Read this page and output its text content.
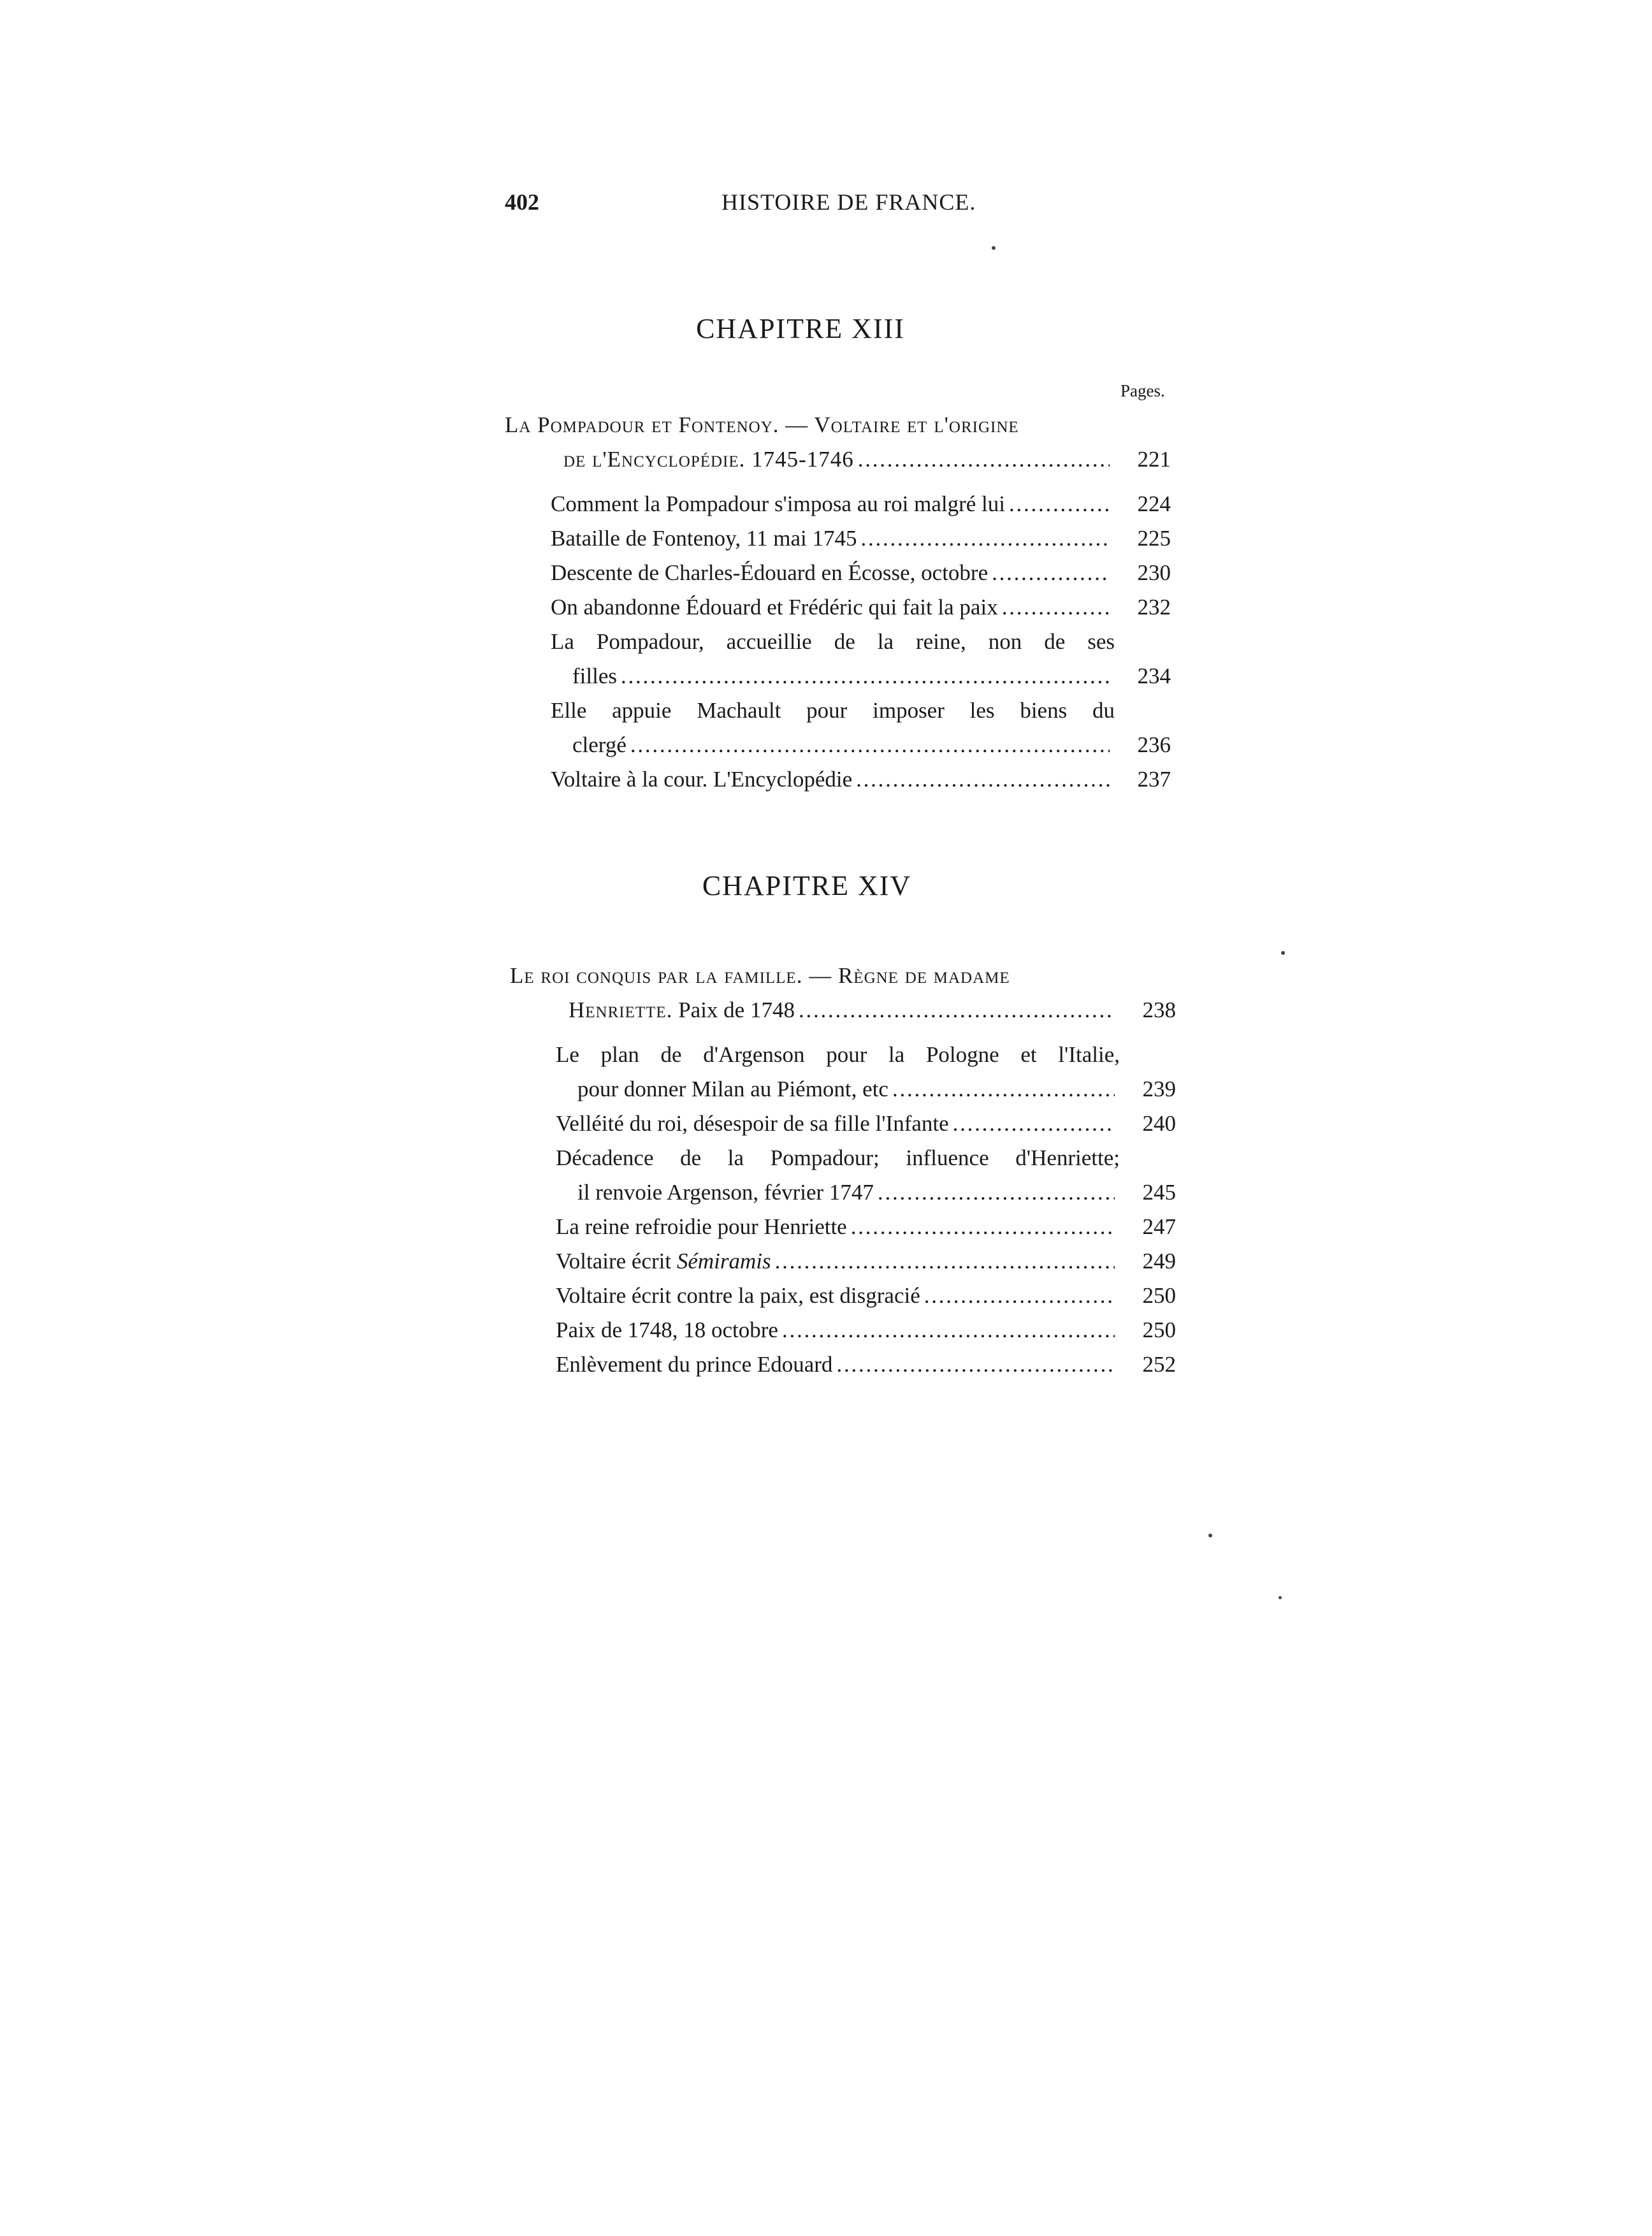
402	HISTOIRE DE FRANCE.
CHAPITRE XIII
Pages.
La Pompadour et Fontenoy. — Voltaire et l'origine
de l'Encyclopédie. 1745-1746 . . .	221
Comment la Pompadour s'imposa au roi malgré lui . . .	224
Bataille de Fontenoy, 11 mai 1745 . . .	225
Descente de Charles-Édouard en Écosse, octobre . . .	230
On abandonne Édouard et Frédéric qui fait la paix . . .	232
La Pompadour, accueillie de la reine, non de ses
filles . . .	234
Elle appuie Machault pour imposer les biens du
clergé . . .	236
Voltaire à la cour. L'Encyclopédie . . .	237
CHAPITRE XIV
Le roi conquis par la famille. — Règne de madame
Henriette. Paix de 1748 . . .	238
Le plan de d'Argenson pour la Pologne et l'Italie,
pour donner Milan au Piémont, etc . . .	239
Velléité du roi, désespoir de sa fille l'Infante . . .	240
Décadence de la Pompadour; influence d'Henriette;
il renvoie Argenson, février 1747 . . .	245
La reine refroidie pour Henriette . . .	247
Voltaire écrit Sémiramis . . .	249
Voltaire écrit contre la paix, est disgracié . . .	250
Paix de 1748, 18 octobre . . .	250
Enlèvement du prince Edouard . . .	252
